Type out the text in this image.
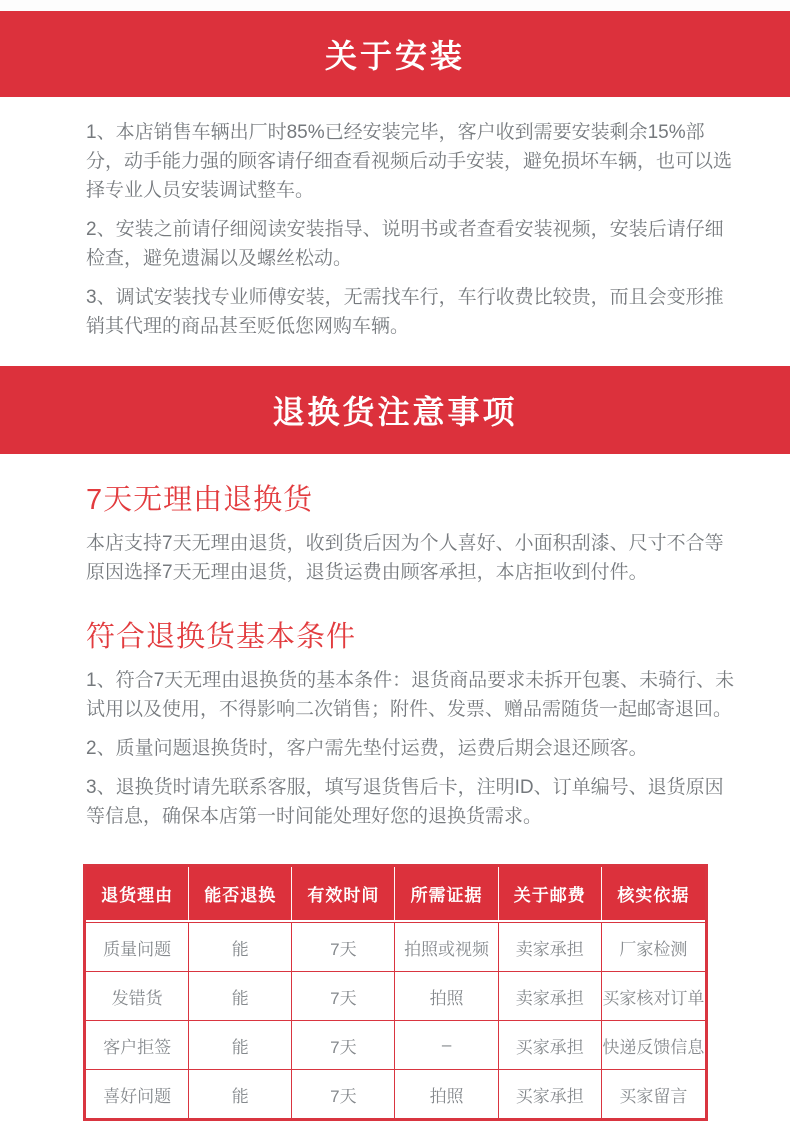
关于安装

1、本店销售车辆出厂时85%已经安装完毕，客户收到需要安装剩余15%部分，动手能力强的顾客请仔细查看视频后动手安装，避免损坏车辆，也可以选择专业人员安装调试整车。

2、安装之前请仔细阅读安装指导、说明书或者查看安装视频，安装后请仔细检查，避免遗漏以及螺丝松动。

3、调试安装找专业师傅安装，无需找车行，车行收费比较贵，而且会变形推销其代理的商品甚至贬低您网购车辆。

退换货注意事项
7天无理由退换货

本店支持7天无理由退货，收到货后因为个人喜好、小面积刮漆、尺寸不合等原因选择7天无理由退货，退货运费由顾客承担，本店拒收到付件。

符合退换货基本条件

1、符合7天无理由退换货的基本条件：退货商品要求未拆开包裹、未骑行、未试用以及使用，不得影响二次销售；附件、发票、赠品需随货一起邮寄退回。

2、质量问题退换货时，客户需先垫付运费，运费后期会退还顾客。

3、退换货时请先联系客服，填写退货售后卡，注明ID、订单编号、退货原因等信息，确保本店第一时间能处理好您的退换货需求。

退货理由	能否退换	有效时间	所需证据	关于邮费	核实依据
质量问题	能	7天	拍照或视频	卖家承担	厂家检测
发错货	能	7天	拍照	卖家承担	买家核对订单
客户拒签	能	7天	–	买家承担	快递反馈信息
喜好问题	能	7天	拍照	买家承担	买家留言
